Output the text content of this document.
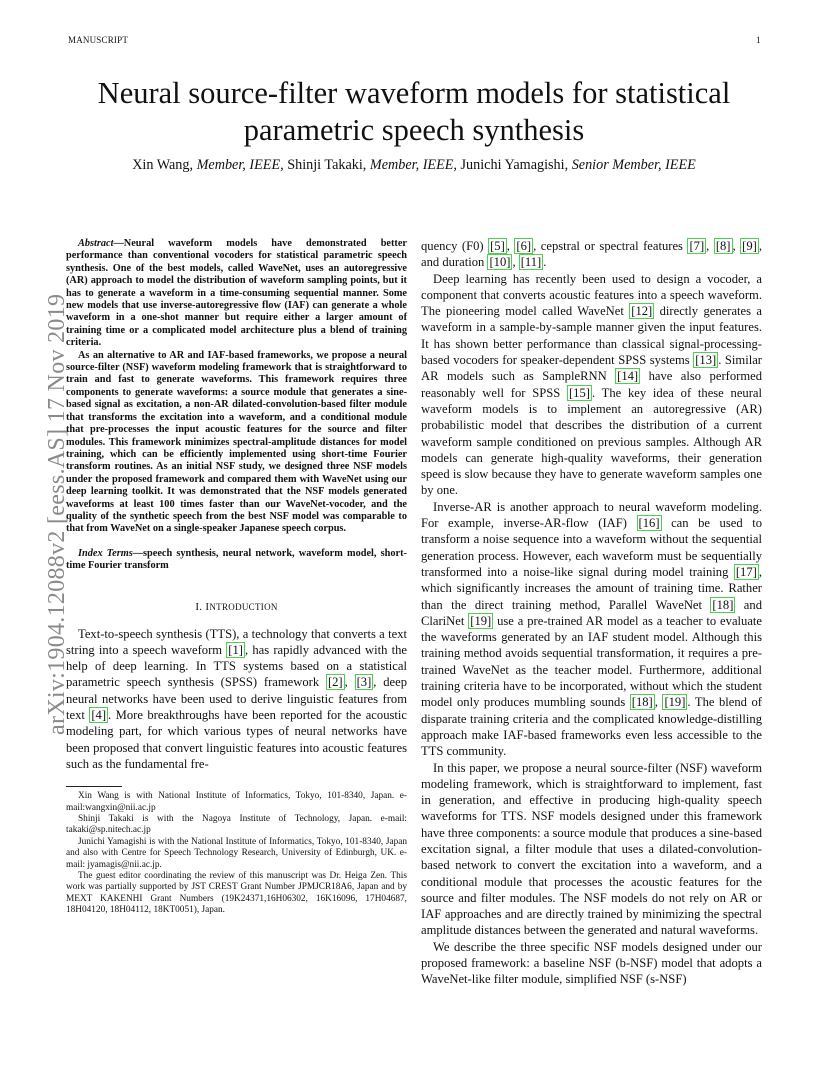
MANUSCRIPT	1
arXiv:1904.12088v2 [eess.AS] 17 Nov 2019
Neural source-filter waveform models for statistical parametric speech synthesis
Xin Wang, Member, IEEE, Shinji Takaki, Member, IEEE, Junichi Yamagishi, Senior Member, IEEE

Abstract—Neural waveform models have demonstrated better performance than conventional vocoders for statistical parametric speech synthesis. One of the best models, called WaveNet, uses an autoregressive (AR) approach to model the distribution of waveform sampling points, but it has to generate a waveform in a time-consuming sequential manner. Some new models that use inverse-autoregressive flow (IAF) can generate a whole waveform in a one-shot manner but require either a larger amount of training time or a complicated model architecture plus a blend of training criteria.

As an alternative to AR and IAF-based frameworks, we propose a neural source-filter (NSF) waveform modeling framework that is straightforward to train and fast to generate waveforms. This framework requires three components to generate waveforms: a source module that generates a sine-based signal as excitation, a non-AR dilated-convolution-based filter module that transforms the excitation into a waveform, and a conditional module that pre-processes the input acoustic features for the source and filter modules. This framework minimizes spectral-amplitude distances for model training, which can be efficiently implemented using short-time Fourier transform routines. As an initial NSF study, we designed three NSF models under the proposed framework and compared them with WaveNet using our deep learning toolkit. It was demonstrated that the NSF models generated waveforms at least 100 times faster than our WaveNet-vocoder, and the quality of the synthetic speech from the best NSF model was comparable to that from WaveNet on a single-speaker Japanese speech corpus.

Index Terms—speech synthesis, neural network, waveform model, short-time Fourier transform

I. INTRODUCTION

Text-to-speech synthesis (TTS), a technology that converts a text string into a speech waveform [1] , has rapidly advanced with the help of deep learning. In TTS systems based on a statistical parametric speech synthesis (SPSS) framework [2] , [3] , deep neural networks have been used to derive linguistic features from text [4] . More breakthroughs have been reported for the acoustic modeling part, for which various types of neural networks have been proposed that convert linguistic features into acoustic features such as the fundamental fre-

Xin Wang is with National Institute of Informatics, Tokyo, 101-8340, Japan. e-mail:wangxin@nii.ac.jp

Shinji Takaki is with the Nagoya Institute of Technology, Japan. e-mail: takaki@sp.nitech.ac.jp

Junichi Yamagishi is with the National Institute of Informatics, Tokyo, 101-8340, Japan and also with Centre for Speech Technology Research, University of Edinburgh, UK. e-mail: jyamagis@nii.ac.jp.

The guest editor coordinating the review of this manuscript was Dr. Heiga Zen. This work was partially supported by JST CREST Grant Number JPMJCR18A6, Japan and by MEXT KAKENHI Grant Numbers (19K24371,16H06302, 16K16096, 17H04687, 18H04120, 18H04112, 18KT0051), Japan.

quency (F0) [5] , [6] , cepstral or spectral features [7] , [8] , [9] , and duration [10] , [11] .

Deep learning has recently been used to design a vocoder, a component that converts acoustic features into a speech waveform. The pioneering model called WaveNet [12] directly generates a waveform in a sample-by-sample manner given the input features. It has shown better performance than classical signal-processing-based vocoders for speaker-dependent SPSS systems [13] . Similar AR models such as SampleRNN [14] have also performed reasonably well for SPSS [15] . The key idea of these neural waveform models is to implement an autoregressive (AR) probabilistic model that describes the distribution of a current waveform sample conditioned on previous samples. Although AR models can generate high-quality waveforms, their generation speed is slow because they have to generate waveform samples one by one.

Inverse-AR is another approach to neural waveform modeling. For example, inverse-AR-flow (IAF) [16] can be used to transform a noise sequence into a waveform without the sequential generation process. However, each waveform must be sequentially transformed into a noise-like signal during model training [17] , which significantly increases the amount of training time. Rather than the direct training method, Parallel WaveNet [18] and ClariNet [19] use a pre-trained AR model as a teacher to evaluate the waveforms generated by an IAF student model. Although this training method avoids sequential transformation, it requires a pre-trained WaveNet as the teacher model. Furthermore, additional training criteria have to be incorporated, without which the student model only produces mumbling sounds [18] , [19] . The blend of disparate training criteria and the complicated knowledge-distilling approach make IAF-based frameworks even less accessible to the TTS community.

In this paper, we propose a neural source-filter (NSF) waveform modeling framework, which is straightforward to implement, fast in generation, and effective in producing high-quality speech waveforms for TTS. NSF models designed under this framework have three components: a source module that produces a sine-based excitation signal, a filter module that uses a dilated-convolution-based network to convert the excitation into a waveform, and a conditional module that processes the acoustic features for the source and filter modules. The NSF models do not rely on AR or IAF approaches and are directly trained by minimizing the spectral amplitude distances between the generated and natural waveforms.

We describe the three specific NSF models designed under our proposed framework: a baseline NSF (b-NSF) model that adopts a WaveNet-like filter module, simplified NSF (s-NSF)
